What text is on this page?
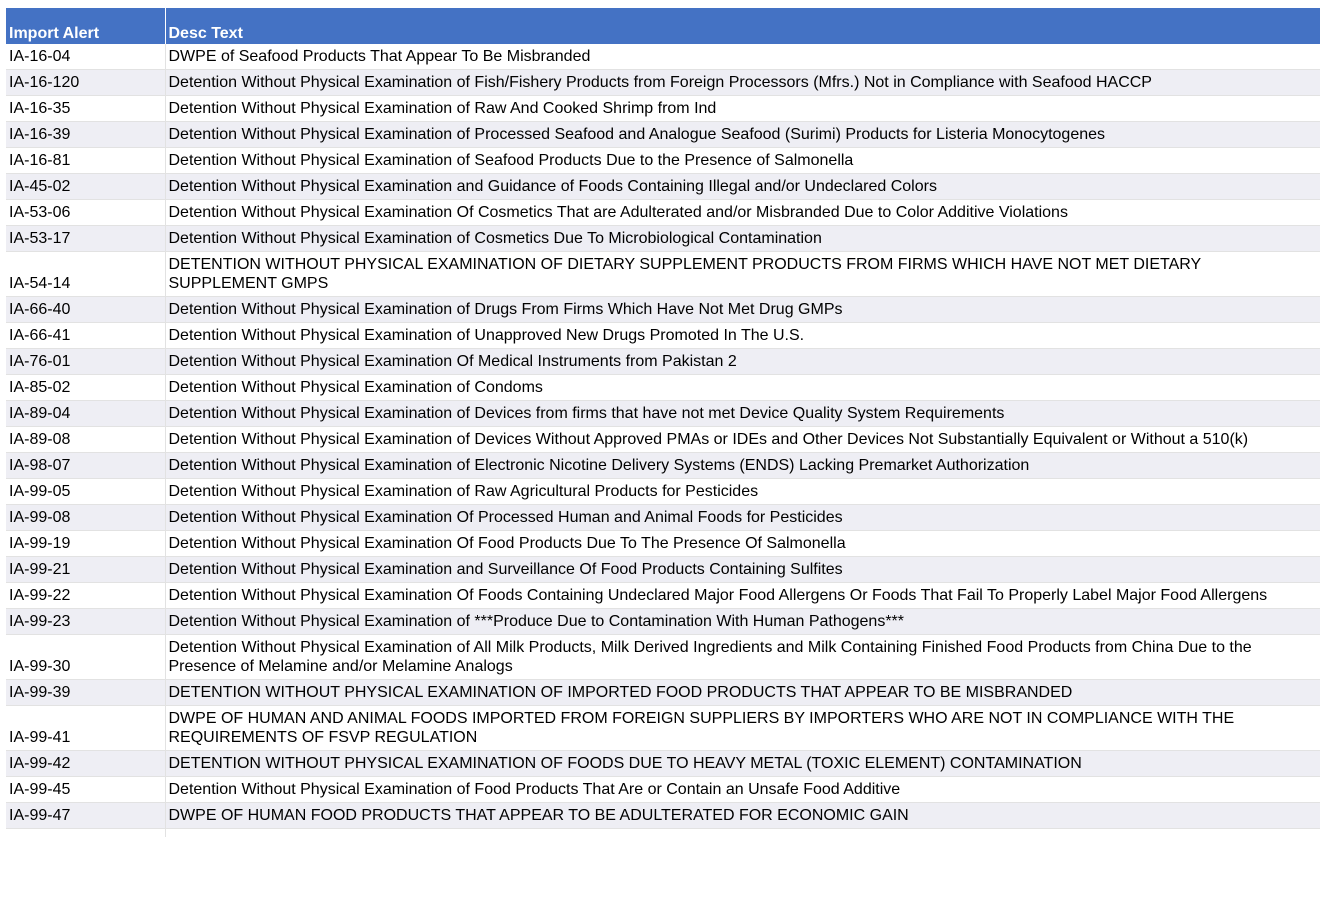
Import Alert	Desc Text
IA-16-04	DWPE of Seafood Products That Appear To Be Misbranded
IA-16-120	Detention Without Physical Examination of Fish/Fishery Products from Foreign Processors (Mfrs.) Not in Compliance with Seafood HACCP
IA-16-35	Detention Without Physical Examination of Raw And Cooked Shrimp from Ind
IA-16-39	Detention Without Physical Examination of Processed Seafood and Analogue Seafood (Surimi) Products for Listeria Monocytogenes
IA-16-81	Detention Without Physical Examination of Seafood Products Due to the Presence of Salmonella
IA-45-02	Detention Without Physical Examination and Guidance of Foods Containing Illegal and/or Undeclared Colors
IA-53-06	Detention Without Physical Examination Of Cosmetics That are Adulterated and/or Misbranded Due to Color Additive Violations
IA-53-17	Detention Without Physical Examination of Cosmetics Due To Microbiological Contamination
IA-54-14	DETENTION WITHOUT PHYSICAL EXAMINATION OF DIETARY SUPPLEMENT PRODUCTS FROM FIRMS WHICH HAVE NOT MET DIETARY SUPPLEMENT GMPS
IA-66-40	Detention Without Physical Examination of Drugs From Firms Which Have Not Met Drug GMPs
IA-66-41	Detention Without Physical Examination of Unapproved New Drugs Promoted In The U.S.
IA-76-01	Detention Without Physical Examination Of Medical Instruments from Pakistan 2
IA-85-02	Detention Without Physical Examination of Condoms
IA-89-04	Detention Without Physical Examination of Devices from firms that have not met Device Quality System Requirements
IA-89-08	Detention Without Physical Examination of Devices Without Approved PMAs or IDEs and Other Devices Not Substantially Equivalent or Without a 510(k)
IA-98-07	Detention Without Physical Examination of Electronic Nicotine Delivery Systems (ENDS) Lacking Premarket Authorization
IA-99-05	Detention Without Physical Examination of Raw Agricultural Products for Pesticides
IA-99-08	Detention Without Physical Examination Of Processed Human and Animal Foods for Pesticides
IA-99-19	Detention Without Physical Examination Of Food Products Due To The Presence Of Salmonella
IA-99-21	Detention Without Physical Examination and Surveillance Of Food Products Containing Sulfites
IA-99-22	Detention Without Physical Examination Of Foods Containing Undeclared Major Food Allergens Or Foods That Fail To Properly Label Major Food Allergens
IA-99-23	Detention Without Physical Examination of ***Produce Due to Contamination With Human Pathogens***
IA-99-30	Detention Without Physical Examination of All Milk Products, Milk Derived Ingredients and Milk Containing Finished Food Products from China Due to the Presence of Melamine and/or Melamine Analogs
IA-99-39	DETENTION WITHOUT PHYSICAL EXAMINATION OF IMPORTED FOOD PRODUCTS THAT APPEAR TO BE MISBRANDED
IA-99-41	DWPE OF HUMAN AND ANIMAL FOODS IMPORTED FROM FOREIGN SUPPLIERS BY IMPORTERS WHO ARE NOT IN COMPLIANCE WITH THE REQUIREMENTS OF FSVP REGULATION
IA-99-42	DETENTION WITHOUT PHYSICAL EXAMINATION OF FOODS DUE TO HEAVY METAL (TOXIC ELEMENT) CONTAMINATION
IA-99-45	Detention Without Physical Examination of Food Products That Are or Contain an Unsafe Food Additive
IA-99-47	DWPE OF HUMAN FOOD PRODUCTS THAT APPEAR TO BE ADULTERATED FOR ECONOMIC GAIN
